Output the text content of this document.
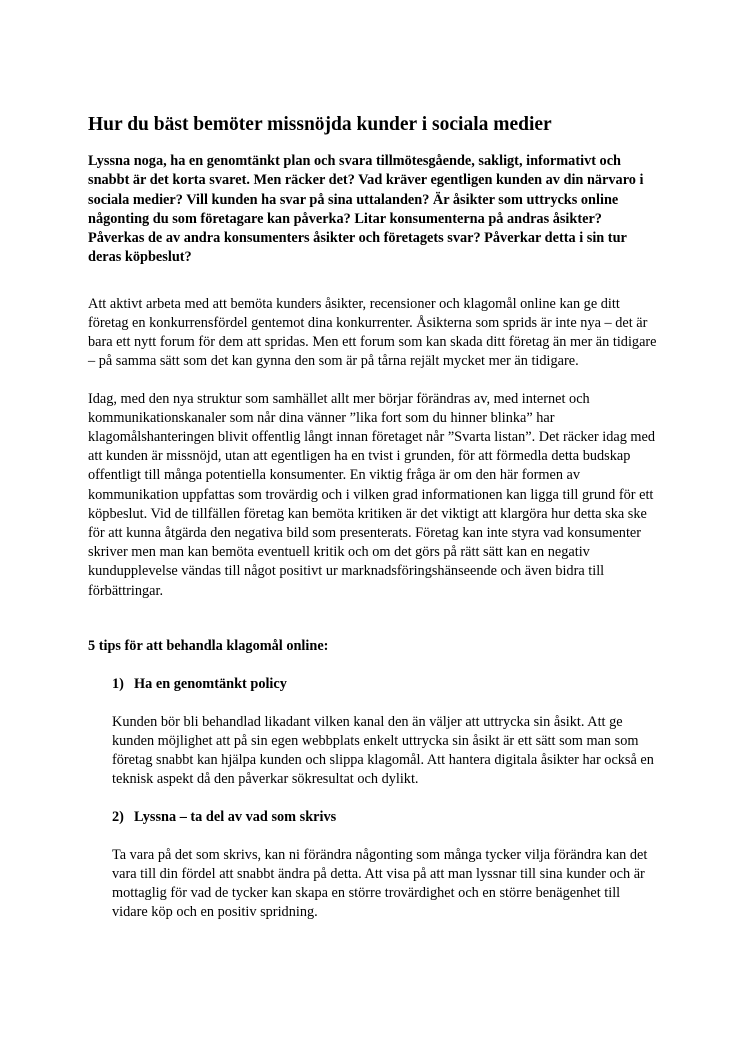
Hur du bäst bemöter missnöjda kunder i sociala medier

Lyssna noga, ha en genomtänkt plan och svara tillmötesgående, sakligt, informativt och snabbt är det korta svaret. Men räcker det? Vad kräver egentligen kunden av din närvaro i sociala medier? Vill kunden ha svar på sina uttalanden? Är åsikter som uttrycks online någonting du som företagare kan påverka? Litar konsumenterna på andras åsikter? Påverkas de av andra konsumenters åsikter och företagets svar? Påverkar detta i sin tur deras köpbeslut?

Att aktivt arbeta med att bemöta kunders åsikter, recensioner och klagomål online kan ge ditt företag en konkurrensfördel gentemot dina konkurrenter. Åsikterna som sprids är inte nya – det är bara ett nytt forum för dem att spridas. Men ett forum som kan skada ditt företag än mer än tidigare – på samma sätt som det kan gynna den som är på tårna rejält mycket mer än tidigare.

Idag, med den nya struktur som samhället allt mer börjar förändras av, med internet och kommunikationskanaler som når dina vänner ”lika fort som du hinner blinka” har klagomålshanteringen blivit offentlig långt innan företaget når ”Svarta listan”. Det räcker idag med att kunden är missnöjd, utan att egentligen ha en tvist i grunden, för att förmedla detta budskap offentligt till många potentiella konsumenter. En viktig fråga är om den här formen av kommunikation uppfattas som trovärdig och i vilken grad informationen kan ligga till grund för ett köpbeslut. Vid de tillfällen företag kan bemöta kritiken är det viktigt att klargöra hur detta ska ske för att kunna åtgärda den negativa bild som presenterats. Företag kan inte styra vad konsumenter skriver men man kan bemöta eventuell kritik och om det görs på rätt sätt kan en negativ kundupplevelse vändas till något positivt ur marknadsföringshänseende och även bidra till förbättringar.

5 tips för att behandla klagomål online:

1) Ha en genomtänkt policy

Kunden bör bli behandlad likadant vilken kanal den än väljer att uttrycka sin åsikt. Att ge kunden möjlighet att på sin egen webbplats enkelt uttrycka sin åsikt är ett sätt som man som företag snabbt kan hjälpa kunden och slippa klagomål. Att hantera digitala åsikter har också en teknisk aspekt då den påverkar sökresultat och dylikt.

2) Lyssna – ta del av vad som skrivs

Ta vara på det som skrivs, kan ni förändra någonting som många tycker vilja förändra kan det vara till din fördel att snabbt ändra på detta. Att visa på att man lyssnar till sina kunder och är mottaglig för vad de tycker kan skapa en större trovärdighet och en större benägenhet till vidare köp och en positiv spridning.
